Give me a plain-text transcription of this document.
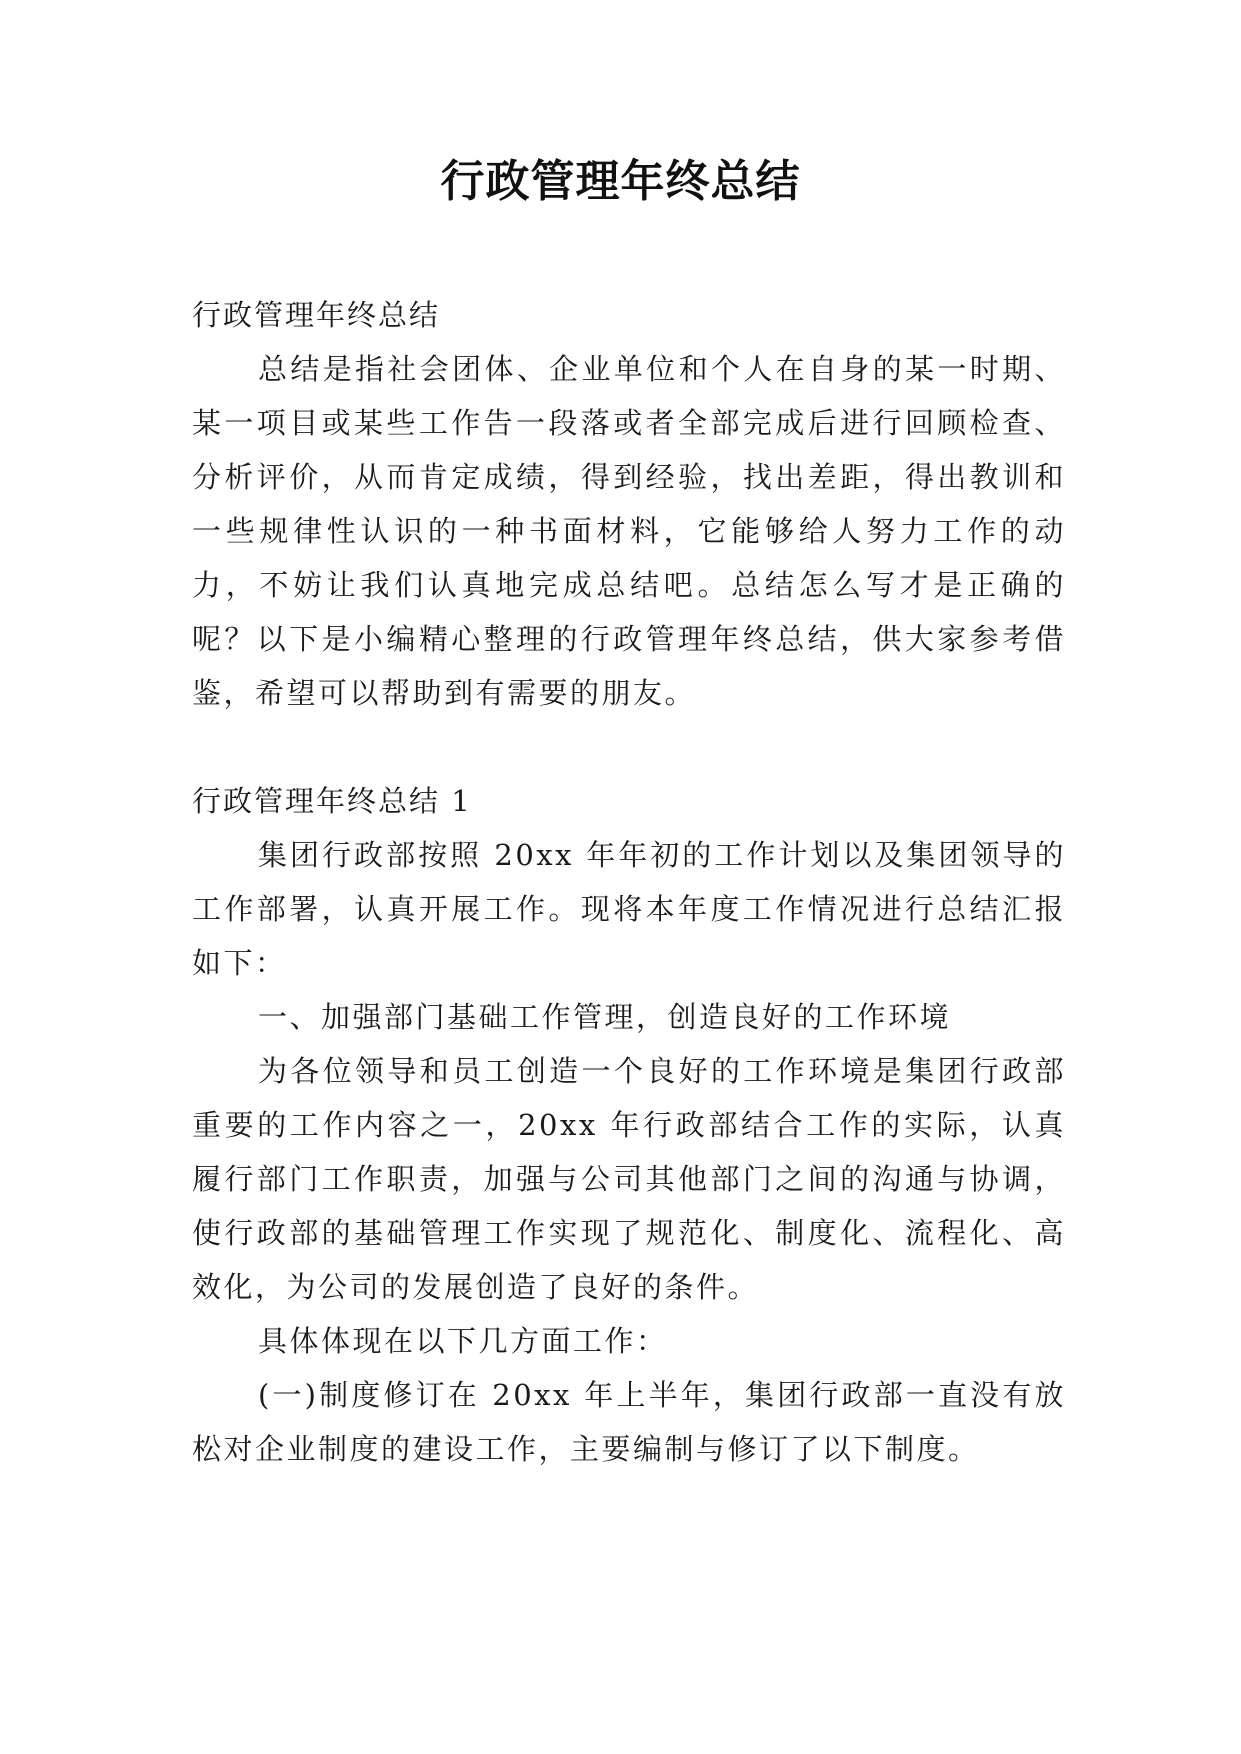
行政管理年终总结

行政管理年终总结

总结是指社会团体、企业单位和个人在自身的某一时期、某一项目或某些工作告一段落或者全部完成后进行回顾检查、分析评价，从而肯定成绩，得到经验，找出差距，得出教训和一些规律性认识的一种书面材料，它能够给人努力工作的动力，不妨让我们认真地完成总结吧。总结怎么写才是正确的呢？以下是小编精心整理的行政管理年终总结，供大家参考借鉴，希望可以帮助到有需要的朋友。

行政管理年终总结 1

集团行政部按照 20xx 年年初的工作计划以及集团领导的工作部署，认真开展工作。现将本年度工作情况进行总结汇报如下：

一、加强部门基础工作管理，创造良好的工作环境

为各位领导和员工创造一个良好的工作环境是集团行政部重要的工作内容之一，20xx 年行政部结合工作的实际，认真履行部门工作职责，加强与公司其他部门之间的沟通与协调，使行政部的基础管理工作实现了规范化、制度化、流程化、高效化，为公司的发展创造了良好的条件。

具体体现在以下几方面工作：

(一)制度修订在 20xx 年上半年，集团行政部一直没有放松对企业制度的建设工作，主要编制与修订了以下制度。
